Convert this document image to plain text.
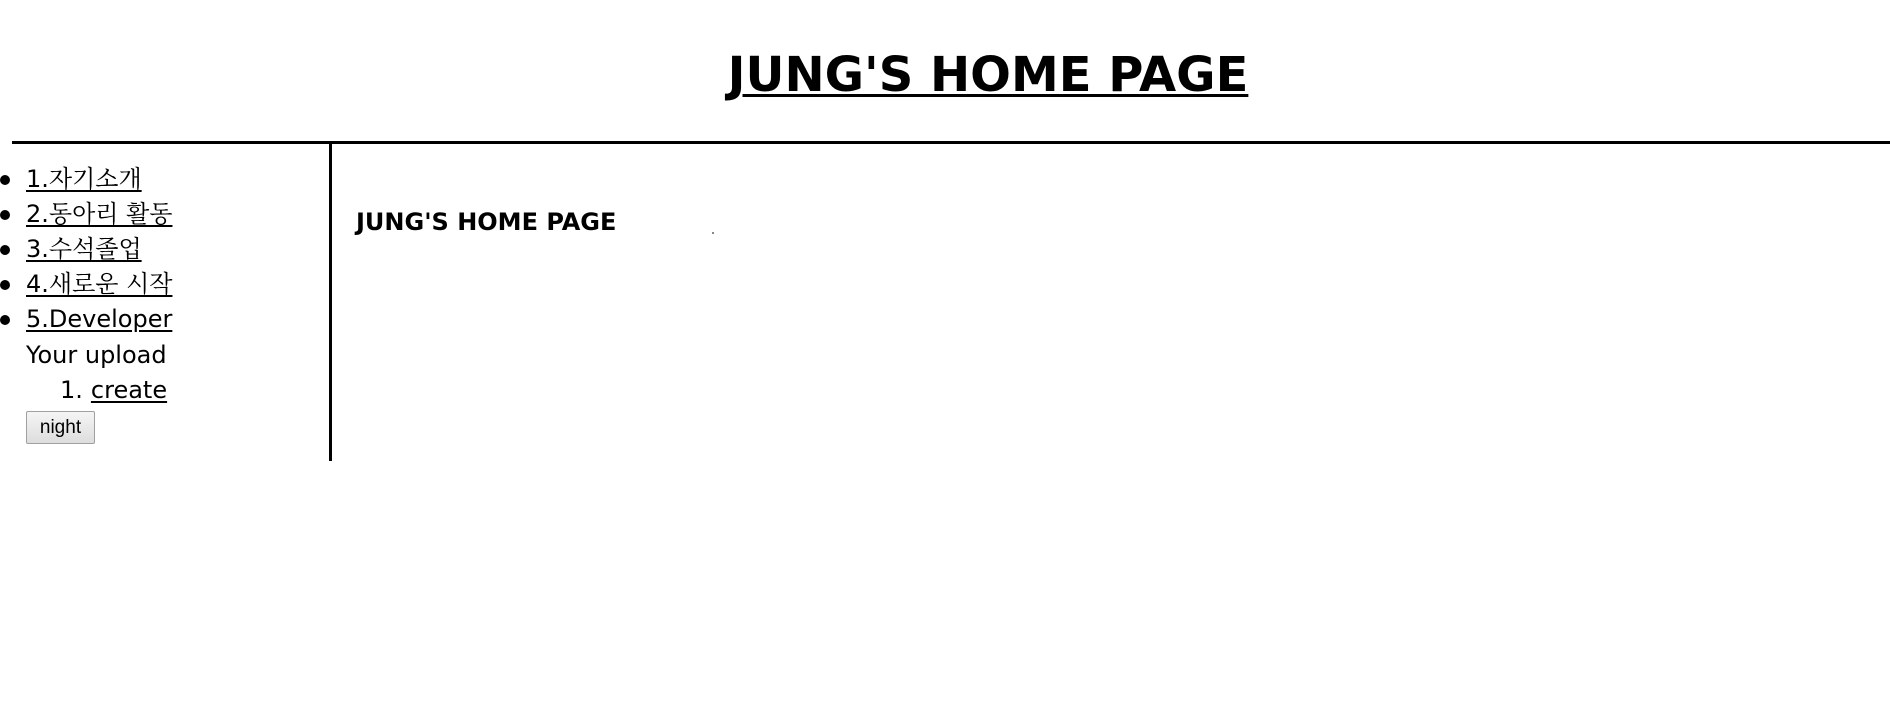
JUNG'S HOME PAGE
1.자기소개
2.동아리 활동
3.수석졸업
4.새로운 시작
5.Developer
Your upload
1. create
night
JUNG'S HOME PAGE
